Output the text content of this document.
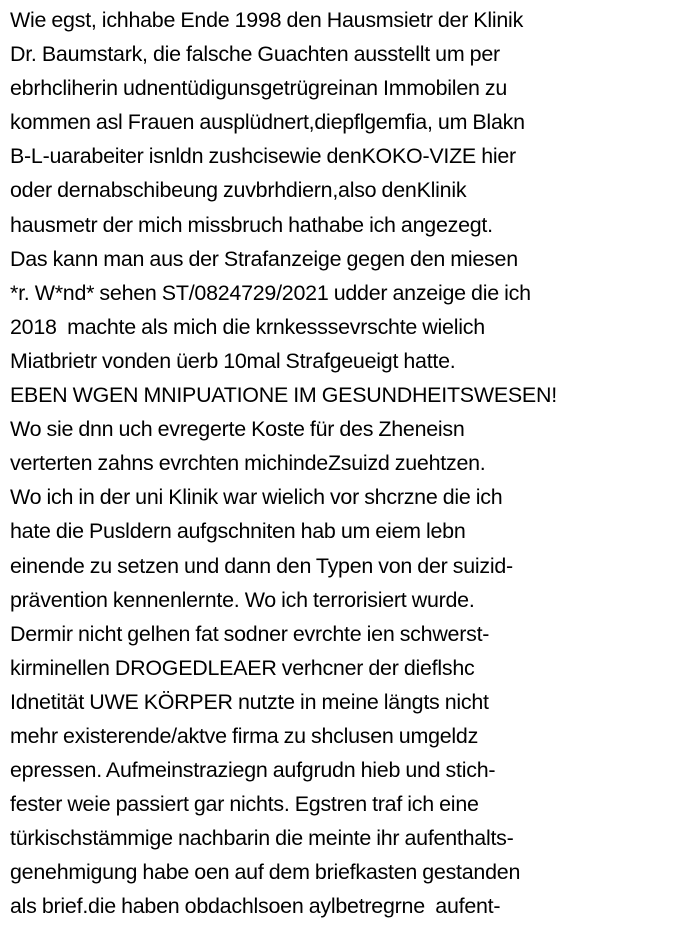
Wie egst, ichhabe Ende 1998 den Hausmsietr der Klinik
Dr. Baumstark, die falsche Guachten ausstellt um per
ebrhcliherin udnentüdigunsgetrügreinan Immobilen zu
kommen asl Frauen ausplüdnert,diepflgemfia, um Blakn
B-L-uarabeiter isnldn zushcisewie denKOKO-VIZE hier
oder dernabschibeung zuvbrhdiern,also denKlinik
hausmetr der mich missbruch hathabe ich angezegt.
Das kann man aus der Strafanzeige gegen den miesen
*r. W*nd* sehen ST/0824729/2021 udder anzeige die ich
2018  machte als mich die krnkesssevrschte wielich
Miatbrietr vonden üerb 10mal Strafgeueigt hatte.
EBEN WGEN MNIPUATIONE IM GESUNDHEITSWESEN!
Wo sie dnn uch evregerte Koste für des Zheneisn
verterten zahns evrchten michindeZsuizd zuehtzen.
Wo ich in der uni Klinik war wielich vor shcrzne die ich
hate die Pusldern aufgschniten hab um eiem lebn
einende zu setzen und dann den Typen von der suizid-
prävention kennenlernte. Wo ich terrorisiert wurde.
Dermir nicht gelhen fat sodner evrchte ien schwerst-
kirminellen DROGEDLEAER verhcner der dieflshc
Idnetität UWE KÖRPER nutzte in meine längts nicht
mehr existerende/aktve firma zu shclusen umgeldz
epressen. Aufmeinstraziegn aufgrudn hieb und stich-
fester weie passiert gar nichts. Egstren traf ich eine
türkischstämmige nachbarin die meinte ihr aufenthalts-
genehmigung habe oen auf dem briefkasten gestanden
als brief.die haben obdachlsoen aylbetregrne  aufent-
